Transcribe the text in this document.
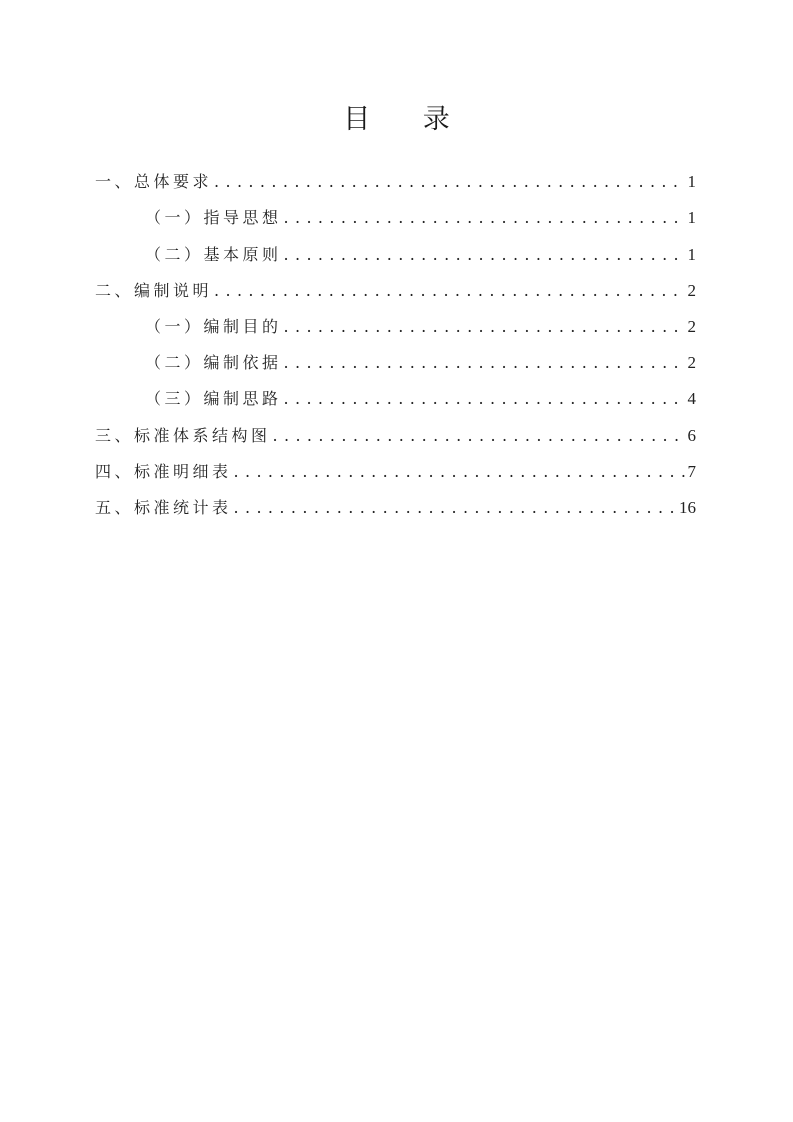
目 录
一、总体要求 . . .	1
（一）指导思想 . . .	1
（二）基本原则 . . .	1
二、编制说明 . . .	2
（一）编制目的 . . .	2
（二）编制依据 . . .	2
（三）编制思路 . . .	4
三、标准体系结构图 . . .	6
四、标准明细表 . . .	7
五、标准统计表 . . .	16
